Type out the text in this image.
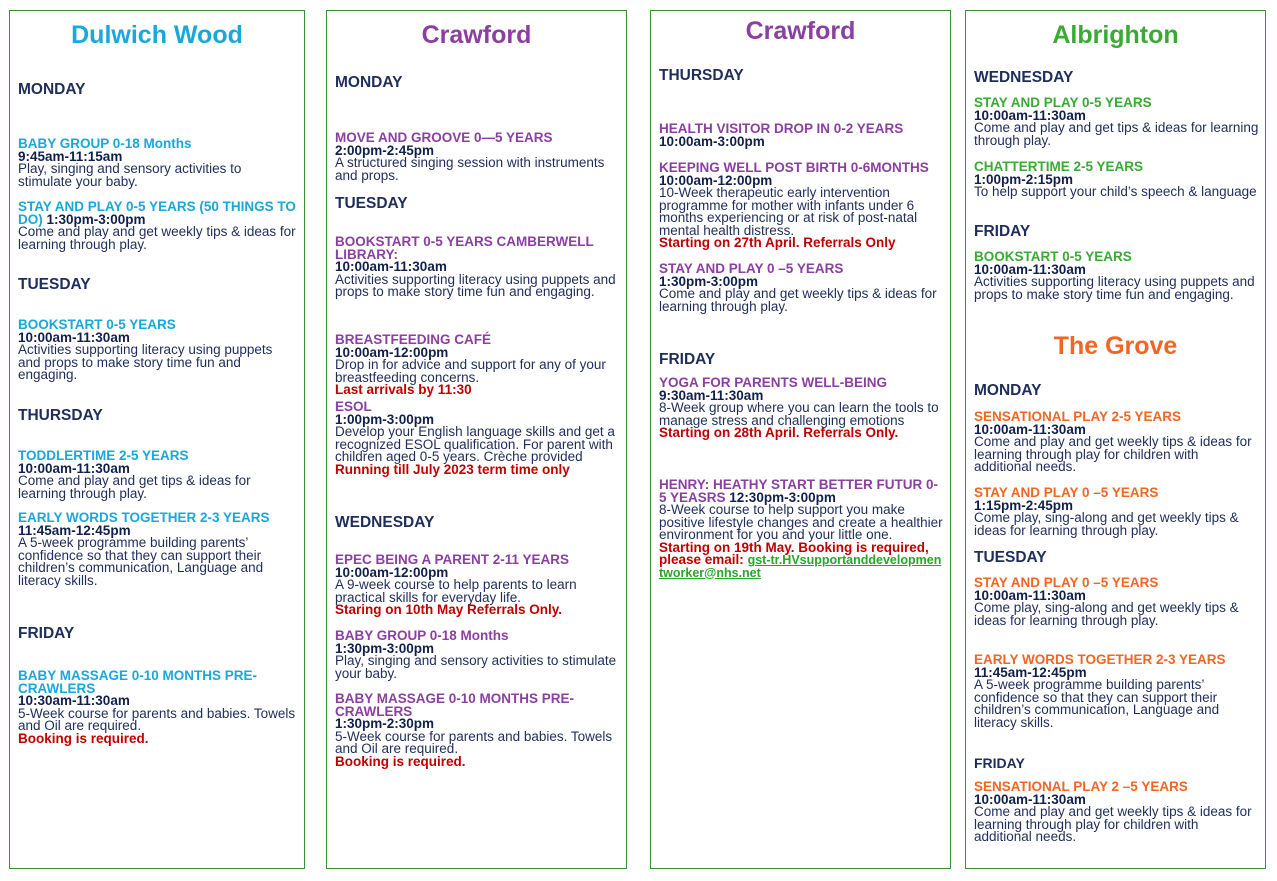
Dulwich Wood
MONDAY
BABY GROUP 0-18 Months
9:45am-11:15am
Play, singing and sensory activities to stimulate your baby.
STAY AND PLAY 0-5 YEARS (50 THINGS TO DO) 1:30pm-3:00pm
Come and play and get weekly tips & ideas for learning through play.
TUESDAY
BOOKSTART 0-5 YEARS
10:00am-11:30am
Activities supporting literacy using puppets and props to make story time fun and engaging.
THURSDAY
TODDLERTIME 2-5 YEARS
10:00am-11:30am
Come and play and get tips & ideas for learning through play.
EARLY WORDS TOGETHER 2-3 YEARS
11:45am-12:45pm
A 5-week programme building parents’ confidence so that they can support their children’s communication, Language and literacy skills.
FRIDAY
BABY MASSAGE 0-10 MONTHS PRE-CRAWLERS
10:30am-11:30am
5-Week course for parents and babies. Towels and Oil are required.
Booking is required.
Crawford
MONDAY
MOVE AND GROOVE 0—5 YEARS
2:00pm-2:45pm
A structured singing session with instruments and props.
TUESDAY
BOOKSTART 0-5 YEARS CAMBERWELL LIBRARY:
10:00am-11:30am
Activities supporting literacy using puppets and props to make story time fun and engaging.
BREASTFEEDING CAFÉ
10:00am-12:00pm
Drop in for advice and support for any of your breastfeeding concerns.
Last arrivals by 11:30
ESOL
1:00pm-3:00pm
Develop your English language skills and get a recognized ESOL qualification. For parent with children aged 0-5 years. Crèche provided
Running till July 2023 term time only
WEDNESDAY
EPEC BEING A PARENT 2-11 YEARS
10:00am-12:00pm
A 9-week course to help parents to learn practical skills for everyday life.
Staring on 10th May Referrals Only.
BABY GROUP 0-18 Months
1:30pm-3:00pm
Play, singing and sensory activities to stimulate your baby.
BABY MASSAGE 0-10 MONTHS PRE-CRAWLERS
1:30pm-2:30pm
5-Week course for parents and babies. Towels and Oil are required.
Booking is required.
Crawford
THURSDAY
HEALTH VISITOR DROP IN 0-2 YEARS
10:00am-3:00pm
KEEPING WELL POST BIRTH 0-6MONTHS 10:00am-12:00pm
10-Week therapeutic early intervention programme for mother with infants under 6 months experiencing or at risk of post-natal mental health distress.
Starting on 27th April. Referrals Only
STAY AND PLAY 0 –5 YEARS
1:30pm-3:00pm
Come and play and get weekly tips & ideas for learning through play.
FRIDAY
YOGA FOR PARENTS WELL-BEING
9:30am-11:30am
8-Week group where you can learn the tools to manage stress and challenging emotions
Starting on 28th April. Referrals Only.
HENRY: HEATHY START BETTER FUTUR 0-5 YEASRS 12:30pm-3:00pm
8-Week course to help support you make positive lifestyle changes and create a healthier environment for you and your little one.
Starting on 19th May. Booking is required, please email: gst-tr.HVsupportanddevelopmentworker@nhs.net
Albrighton
WEDNESDAY
STAY AND PLAY 0-5 YEARS
10:00am-11:30am
Come and play and get tips & ideas for learning through play.
CHATTERTIME 2-5 YEARS
1:00pm-2:15pm
To help support your child’s speech & language
FRIDAY
BOOKSTART 0-5 YEARS
10:00am-11:30am
Activities supporting literacy using puppets and props to make story time fun and engaging.
The Grove
MONDAY
SENSATIONAL PLAY 2-5 YEARS
10:00am-11:30am
Come and play and get weekly tips & ideas for learning through play for children with additional needs.
STAY AND PLAY 0 –5 YEARS
1:15pm-2:45pm
Come play, sing-along and get weekly tips & ideas for learning through play.
TUESDAY
STAY AND PLAY 0 –5 YEARS
10:00am-11:30am
Come play, sing-along and get weekly tips & ideas for learning through play.
EARLY WORDS TOGETHER 2-3 YEARS
11:45am-12:45pm
A 5-week programme building parents’ confidence so that they can support their children’s communication, Language and literacy skills.
FRIDAY
SENSATIONAL PLAY 2 –5 YEARS
10:00am-11:30am
Come and play and get weekly tips & ideas for learning through play for children with additional needs.
